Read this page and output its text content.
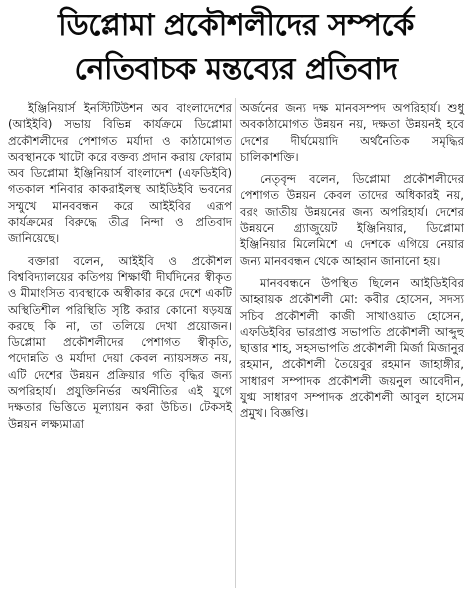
ডিপ্লোমা প্রকৌশলীদের সম্পর্কে
নেতিবাচক মন্তব্যের প্রতিবাদ

ইঞ্জিনিয়ার্স ইনস্টিটিউশন অব বাংলাদেশের (আইইবি) সভায় বিভিন্ন কার্যক্রমে ডিপ্লোমা প্রকৌশলীদের পেশাগত মর্যাদা ও কাঠামোগত অবস্থানকে খাটো করে বক্তব্য প্রদান করায় ফোরাম অব ডিপ্লোমা ইঞ্জিনিয়ার্স বাংলাদেশ (এফডিইবি) গতকাল শনিবার কাকরাইলস্থ আইডিইবি ভবনের সম্মুখে মানববন্ধন করে আইইবির এরূপ কার্যক্রমের বিরুদ্ধে তীব্র নিন্দা ও প্রতিবাদ জানিয়েছে।

বক্তারা বলেন, আইইবি ও প্রকৌশল বিশ্ববিদ্যালয়ের কতিপয় শিক্ষার্থী দীর্ঘদিনের স্বীকৃত ও মীমাংসিত ব্যবস্থাকে অস্বীকার করে দেশে একটি অস্থিতিশীল পরিস্থিতি সৃষ্টি করার কোনো ষড়যন্ত্র করছে কি না, তা তলিয়ে দেখা প্রয়োজন। ডিপ্লোমা প্রকৌশলীদের পেশাগত স্বীকৃতি, পদোন্নতি ও মর্যাদা দেয়া কেবল ন্যায়সঙ্গত নয়, এটি দেশের উন্নয়ন প্রক্রিয়ার গতি বৃদ্ধির জন্য অপরিহার্য। প্রযুক্তিনির্ভর অর্থনীতির এই যুগে দক্ষতার ভিত্তিতে মূল্যায়ন করা উচিত। টেকসই উন্নয়ন লক্ষ্যমাত্রা

অর্জনের জন্য দক্ষ মানবসম্পদ অপরিহার্য। শুধু অবকাঠামোগত উন্নয়ন নয়, দক্ষতা উন্নয়নই হবে দেশের দীর্ঘমেয়াদি অর্থনৈতিক সমৃদ্ধির চালিকাশক্তি।

নেতৃবৃন্দ বলেন, ডিপ্লোমা প্রকৌশলীদের পেশাগত উন্নয়ন কেবল তাদের অধিকারই নয়, বরং জাতীয় উন্নয়নের জন্য অপরিহার্য। দেশের উন্নয়নে গ্র্যাজুয়েট ইঞ্জিনিয়ার, ডিপ্লোমা ইঞ্জিনিয়ার মিলেমিশে এ দেশকে এগিয়ে নেয়ার জন্য মানববন্ধন থেকে আহ্বান জানানো হয়।

মানববন্ধনে উপস্থিত ছিলেন আইডিইবির আহ্বায়ক প্রকৌশলী মো: কবীর হোসেন, সদস্য সচিব প্রকৌশলী কাজী সাখাওয়াত হোসেন, এফডিইবির ভারপ্রাপ্ত সভাপতি প্রকৌশলী আব্দুহু ছাত্তার শাহ, সহসভাপতি প্রকৌশলী মির্জা মিজানুর রহমান, প্রকৌশলী তৈয়েবুর রহমান জাহাঙ্গীর, সাধারণ সম্পাদক প্রকৌশলী জয়নুল আবেদীন, যুগ্ম সাধারণ সম্পাদক প্রকৌশলী আবুল হাসেম প্রমুখ। বিজ্ঞপ্তি।
